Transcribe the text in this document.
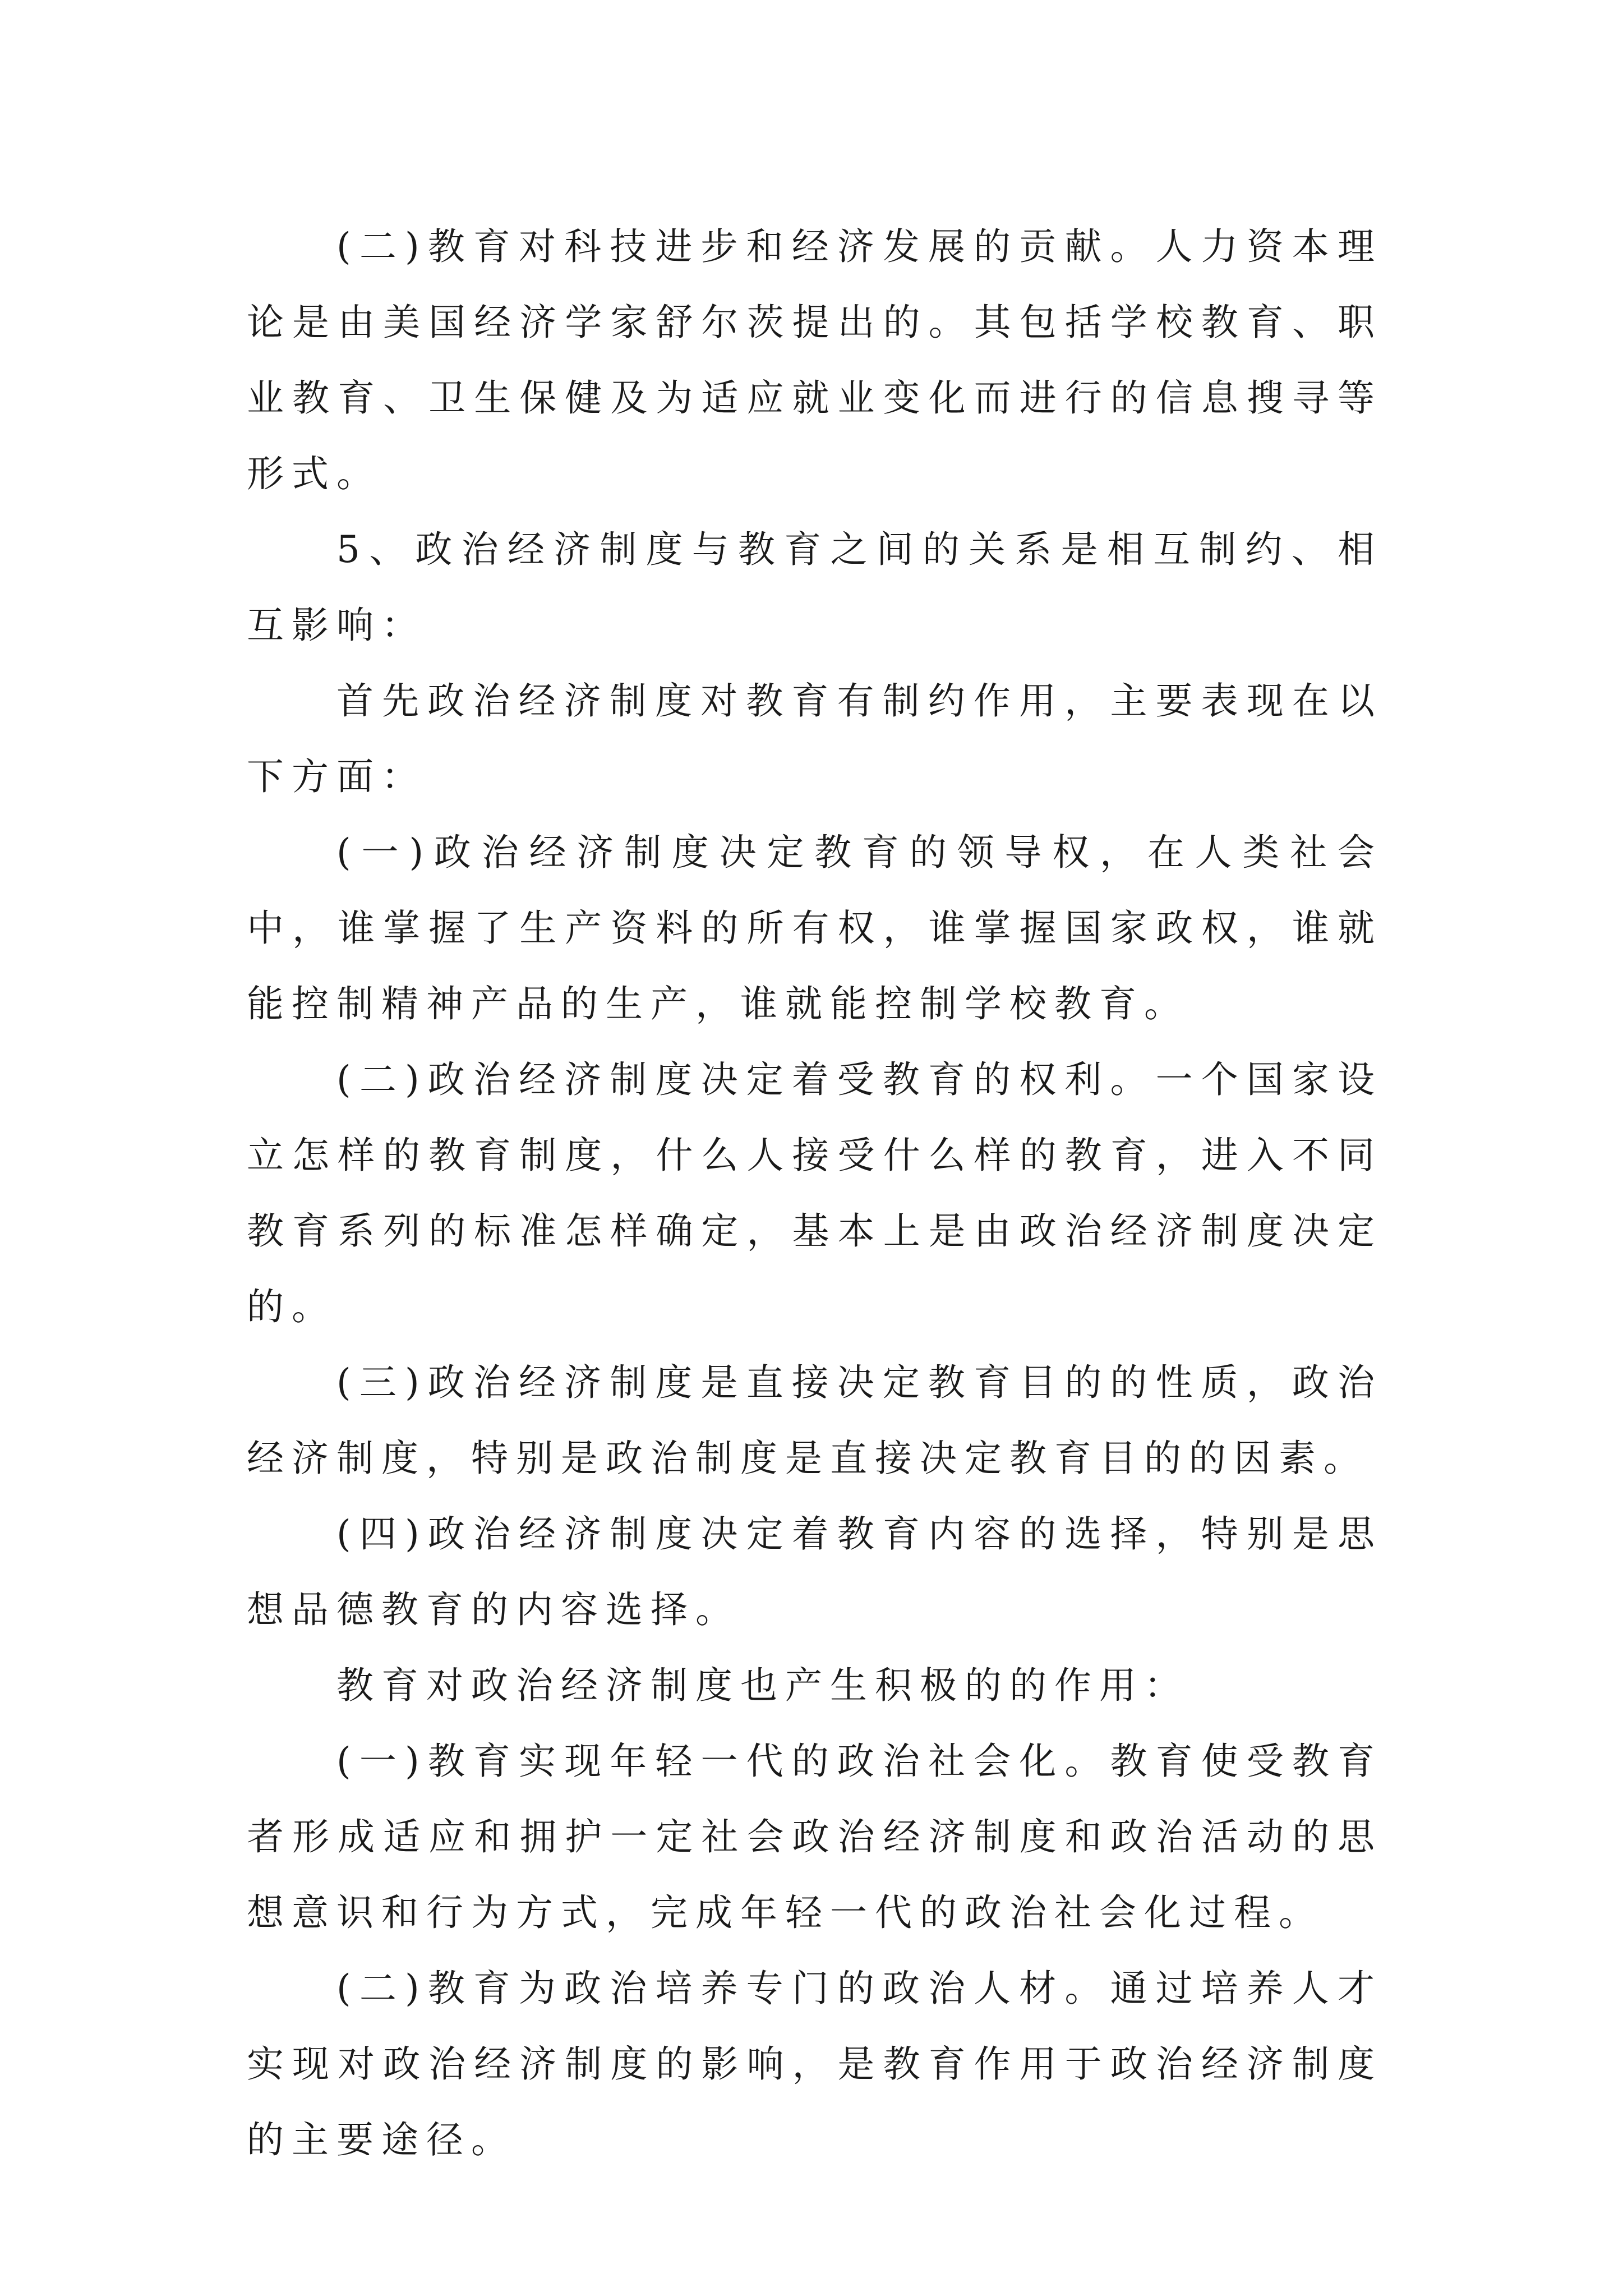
(二)教育对科技进步和经济发展的贡献。人力资本理论是由美国经济学家舒尔茨提出的。其包括学校教育、职业教育、卫生保健及为适应就业变化而进行的信息搜寻等形式。

5、政治经济制度与教育之间的关系是相互制约、相互影响：

首先政治经济制度对教育有制约作用，主要表现在以下方面：

(一)政治经济制度决定教育的领导权，在人类社会中，谁掌握了生产资料的所有权，谁掌握国家政权，谁就能控制精神产品的生产，谁就能控制学校教育。

(二)政治经济制度决定着受教育的权利。一个国家设立怎样的教育制度，什么人接受什么样的教育，进入不同教育系列的标准怎样确定，基本上是由政治经济制度决定的。

(三)政治经济制度是直接决定教育目的的性质，政治经济制度，特别是政治制度是直接决定教育目的的因素。

(四)政治经济制度决定着教育内容的选择，特别是思想品德教育的内容选择。

教育对政治经济制度也产生积极的的作用：

(一)教育实现年轻一代的政治社会化。教育使受教育者形成适应和拥护一定社会政治经济制度和政治活动的思想意识和行为方式，完成年轻一代的政治社会化过程。

(二)教育为政治培养专门的政治人材。通过培养人才实现对政治经济制度的影响，是教育作用于政治经济制度的主要途径。
